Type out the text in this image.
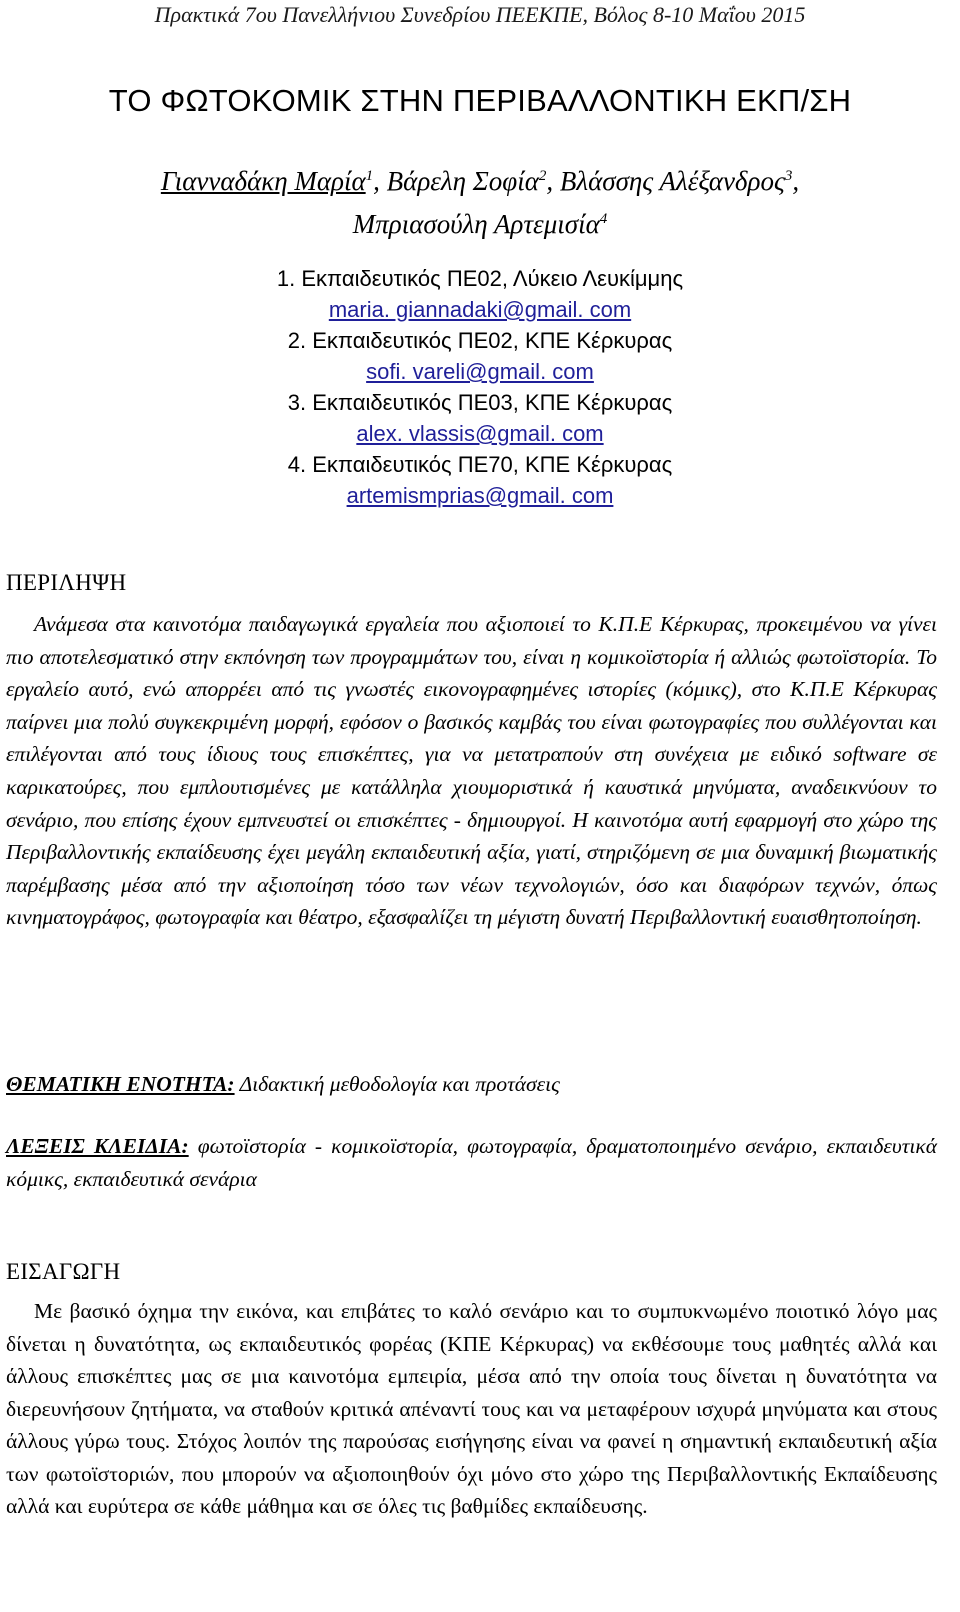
Πρακτικά 7ου Πανελλήνιου Συνεδρίου ΠΕΕΚΠΕ, Βόλος 8-10 Μαΐου 2015
ΤΟ ΦΩΤΟΚΟΜΙΚ ΣΤΗΝ ΠΕΡΙΒΑΛΛΟΝΤΙΚΗ ΕΚΠ/ΣΗ
Γιανναδάκη Μαρία$^1$, Βάρελη Σοφία$^2$, Βλάσσης Αλέξανδρος$^3$,
Μπριασούλη Αρτεμισία$^4$
1. Εκπαιδευτικός ΠΕ02, Λύκειο Λευκίμμης
maria. giannadaki@gmail. com
2. Εκπαιδευτικός ΠΕ02, ΚΠΕ Κέρκυρας
sofi. vareli@gmail. com
3. Εκπαιδευτικός ΠΕ03, ΚΠΕ Κέρκυρας
alex. vlassis@gmail. com
4. Εκπαιδευτικός ΠΕ70, ΚΠΕ Κέρκυρας
artemismprias@gmail. com
ΠΕΡΙΛΗΨΗ
Ανάμεσα στα καινοτόμα παιδαγωγικά εργαλεία που αξιοποιεί το Κ.Π.Ε Κέρκυρας, προκειμένου να γίνει πιο αποτελεσματικό στην εκπόνηση των προγραμμάτων του, είναι η κομικοϊστορία ή αλλιώς φωτοϊστορία. Το εργαλείο αυτό, ενώ απορρέει από τις γνωστές εικονογραφημένες ιστορίες (κόμικς), στο Κ.Π.Ε Κέρκυρας παίρνει μια πολύ συγκεκριμένη μορφή, εφόσον ο βασικός καμβάς του είναι φωτογραφίες που συλλέγονται και επιλέγονται από τους ίδιους τους επισκέπτες, για να μετατραπούν στη συνέχεια με ειδικό software σε καρικατούρες, που εμπλουτισμένες με κατάλληλα χιουμοριστικά ή καυστικά μηνύματα, αναδεικνύουν το σενάριο, που επίσης έχουν εμπνευστεί οι επισκέπτες - δημιουργοί. Η καινοτόμα αυτή εφαρμογή στο χώρο της Περιβαλλοντικής εκπαίδευσης έχει μεγάλη εκπαιδευτική αξία, γιατί, στηριζόμενη σε μια δυναμική βιωματικής παρέμβασης μέσα από την αξιοποίηση τόσο των νέων τεχνολογιών, όσο και διαφόρων τεχνών, όπως κινηματογράφος, φωτογραφία και θέατρο, εξασφαλίζει τη μέγιστη δυνατή Περιβαλλοντική ευαισθητοποίηση.
ΘΕΜΑΤΙΚΗ ΕΝΟΤΗΤΑ: Διδακτική μεθοδολογία και προτάσεις
ΛΕΞΕΙΣ ΚΛΕΙΔΙΑ: φωτοϊστορία - κομικοϊστορία, φωτογραφία, δραματοποιημένο σενάριο, εκπαιδευτικά κόμικς, εκπαιδευτικά σενάρια
ΕΙΣΑΓΩΓΗ
Με βασικό όχημα την εικόνα, και επιβάτες το καλό σενάριο και το συμπυκνωμένο ποιοτικό λόγο μας δίνεται η δυνατότητα, ως εκπαιδευτικός φορέας (ΚΠΕ Κέρκυρας) να εκθέσουμε τους μαθητές αλλά και άλλους επισκέπτες μας σε μια καινοτόμα εμπειρία, μέσα από την οποία τους δίνεται η δυνατότητα να διερευνήσουν ζητήματα, να σταθούν κριτικά απέναντί τους και να μεταφέρουν ισχυρά μηνύματα και στους άλλους γύρω τους. Στόχος λοιπόν της παρούσας εισήγησης είναι να φανεί η σημαντική εκπαιδευτική αξία των φωτοϊστοριών, που μπορούν να αξιοποιηθούν όχι μόνο στο χώρο της Περιβαλλοντικής Εκπαίδευσης αλλά και ευρύτερα σε κάθε μάθημα και σε όλες τις βαθμίδες εκπαίδευσης.
